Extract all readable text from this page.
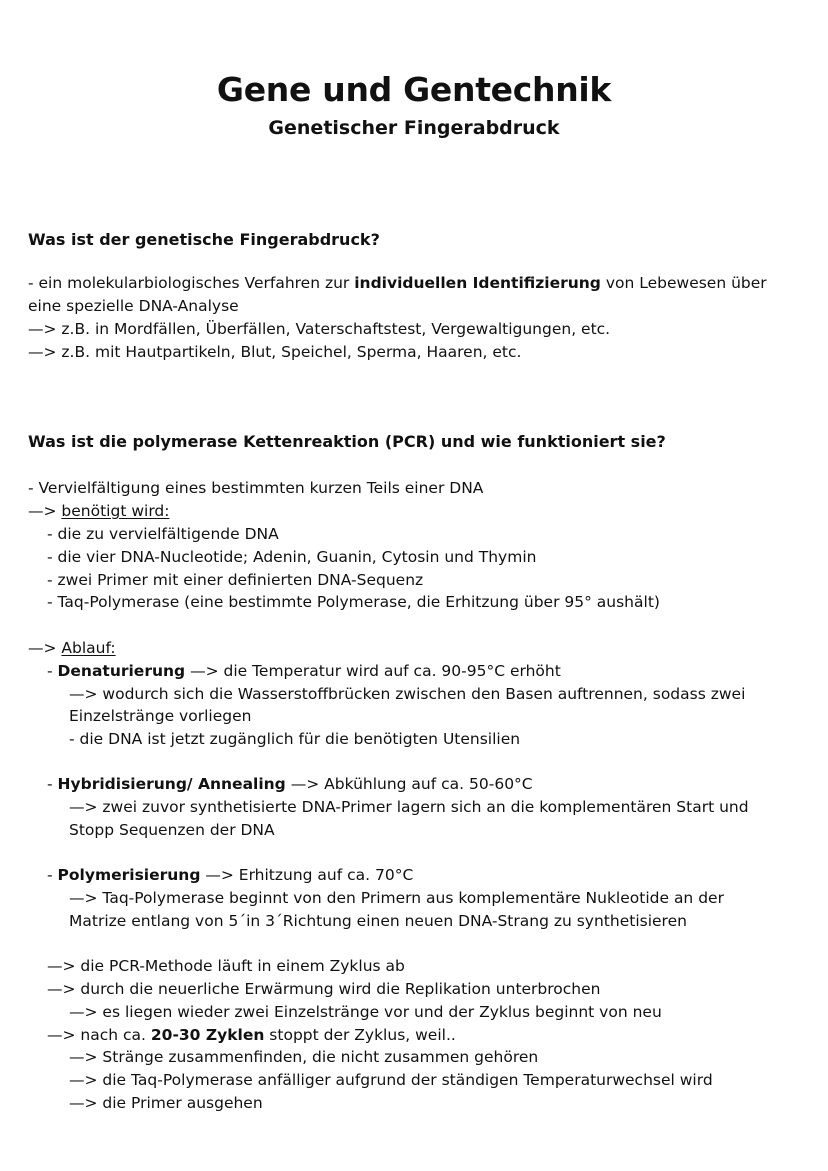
Gene und Gentechnik
Genetischer Fingerabdruck
Was ist der genetische Fingerabdruck?
- ein molekularbiologisches Verfahren zur individuellen Identifizierung von Lebewesen über
eine spezielle DNA-Analyse
—> z.B. in Mordfällen, Überfällen, Vaterschaftstest, Vergewaltigungen, etc.
—> z.B. mit Hautpartikeln, Blut, Speichel, Sperma, Haaren, etc.
Was ist die polymerase Kettenreaktion (PCR) und wie funktioniert sie?
- Vervielfältigung eines bestimmten kurzen Teils einer DNA
—> benötigt wird:
- die zu vervielfältigende DNA
- die vier DNA-Nucleotide; Adenin, Guanin, Cytosin und Thymin
- zwei Primer mit einer definierten DNA-Sequenz
- Taq-Polymerase (eine bestimmte Polymerase, die Erhitzung über 95° aushält)
—> Ablauf:
- Denaturierung —> die Temperatur wird auf ca. 90-95°C erhöht
—> wodurch sich die Wasserstoffbrücken zwischen den Basen auftrennen, sodass zwei
Einzelstränge vorliegen
- die DNA ist jetzt zugänglich für die benötigten Utensilien
- Hybridisierung/ Annealing —> Abkühlung auf ca. 50-60°C
—> zwei zuvor synthetisierte DNA-Primer lagern sich an die komplementären Start und
Stopp Sequenzen der DNA
- Polymerisierung —> Erhitzung auf ca. 70°C
—> Taq-Polymerase beginnt von den Primern aus komplementäre Nukleotide an der
Matrize entlang von 5´in 3´Richtung einen neuen DNA-Strang zu synthetisieren
—> die PCR-Methode läuft in einem Zyklus ab
—> durch die neuerliche Erwärmung wird die Replikation unterbrochen
—> es liegen wieder zwei Einzelstränge vor und der Zyklus beginnt von neu
—> nach ca. 20-30 Zyklen stoppt der Zyklus, weil..
—> Stränge zusammenfinden, die nicht zusammen gehören
—> die Taq-Polymerase anfälliger aufgrund der ständigen Temperaturwechsel wird
—> die Primer ausgehen
